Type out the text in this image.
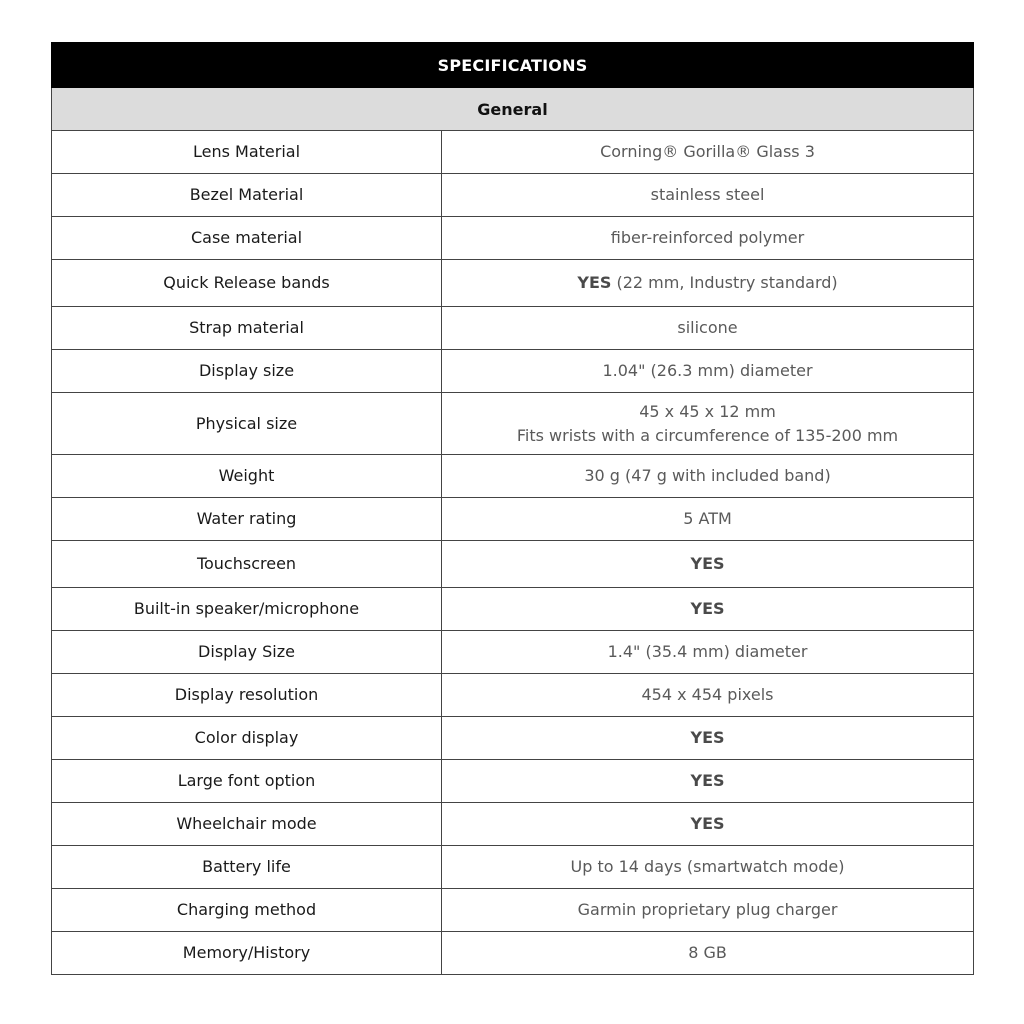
SPECIFICATIONS	
General	
Lens Material	Corning® Gorilla® Glass 3
Bezel Material	stainless steel
Case material	fiber-reinforced polymer
Quick Release bands	YES (22 mm, Industry standard)
Strap material	silicone
Display size	1.04" (26.3 mm) diameter
Physical size	45 x 45 x 12 mm
Fits wrists with a circumference of 135-200 mm

Weight	30 g (47 g with included band)
Water rating	5 ATM
Touchscreen	YES
Built-in speaker/microphone	YES
Display Size	1.4" (35.4 mm) diameter
Display resolution	454 x 454 pixels
Color display	YES
Large font option	YES
Wheelchair mode	YES
Battery life	Up to 14 days (smartwatch mode)
Charging method	Garmin proprietary plug charger
Memory/History	8 GB
